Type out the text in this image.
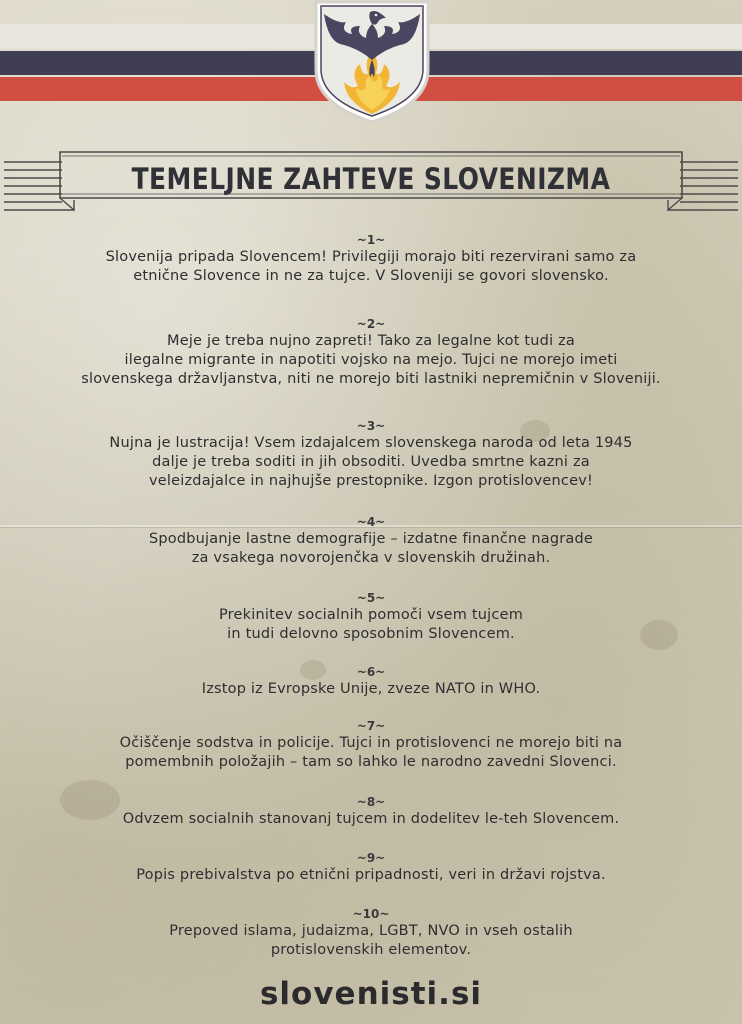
TEMELJNE ZAHTEVE SLOVENIZMA
~1~
Slovenija pripada Slovencem! Privilegiji morajo biti rezervirani samo za
etnične Slovence in ne za tujce. V Sloveniji se govori slovensko.
~2~
Meje je treba nujno zapreti! Tako za legalne kot tudi za
ilegalne migrante in napotiti vojsko na mejo. Tujci ne morejo imeti
slovenskega državljanstva, niti ne morejo biti lastniki nepremičnin v Sloveniji.
~3~
Nujna je lustracija! Vsem izdajalcem slovenskega naroda od leta 1945
dalje je treba soditi in jih obsoditi. Uvedba smrtne kazni za
veleizdajalce in najhujše prestopnike. Izgon protislovencev!
~4~
Spodbujanje lastne demografije – izdatne finančne nagrade
za vsakega novorojenčka v slovenskih družinah.
~5~
Prekinitev socialnih pomoči vsem tujcem
in tudi delovno sposobnim Slovencem.
~6~
Izstop iz Evropske Unije, zveze NATO in WHO.
~7~
Očiščenje sodstva in policije. Tujci in protislovenci ne morejo biti na
pomembnih položajih – tam so lahko le narodno zavedni Slovenci.
~8~
Odvzem socialnih stanovanj tujcem in dodelitev le-teh Slovencem.
~9~
Popis prebivalstva po etnični pripadnosti, veri in državi rojstva.
~10~
Prepoved islama, judaizma, LGBT, NVO in vseh ostalih
protislovenskih elementov.
slovenisti.si
